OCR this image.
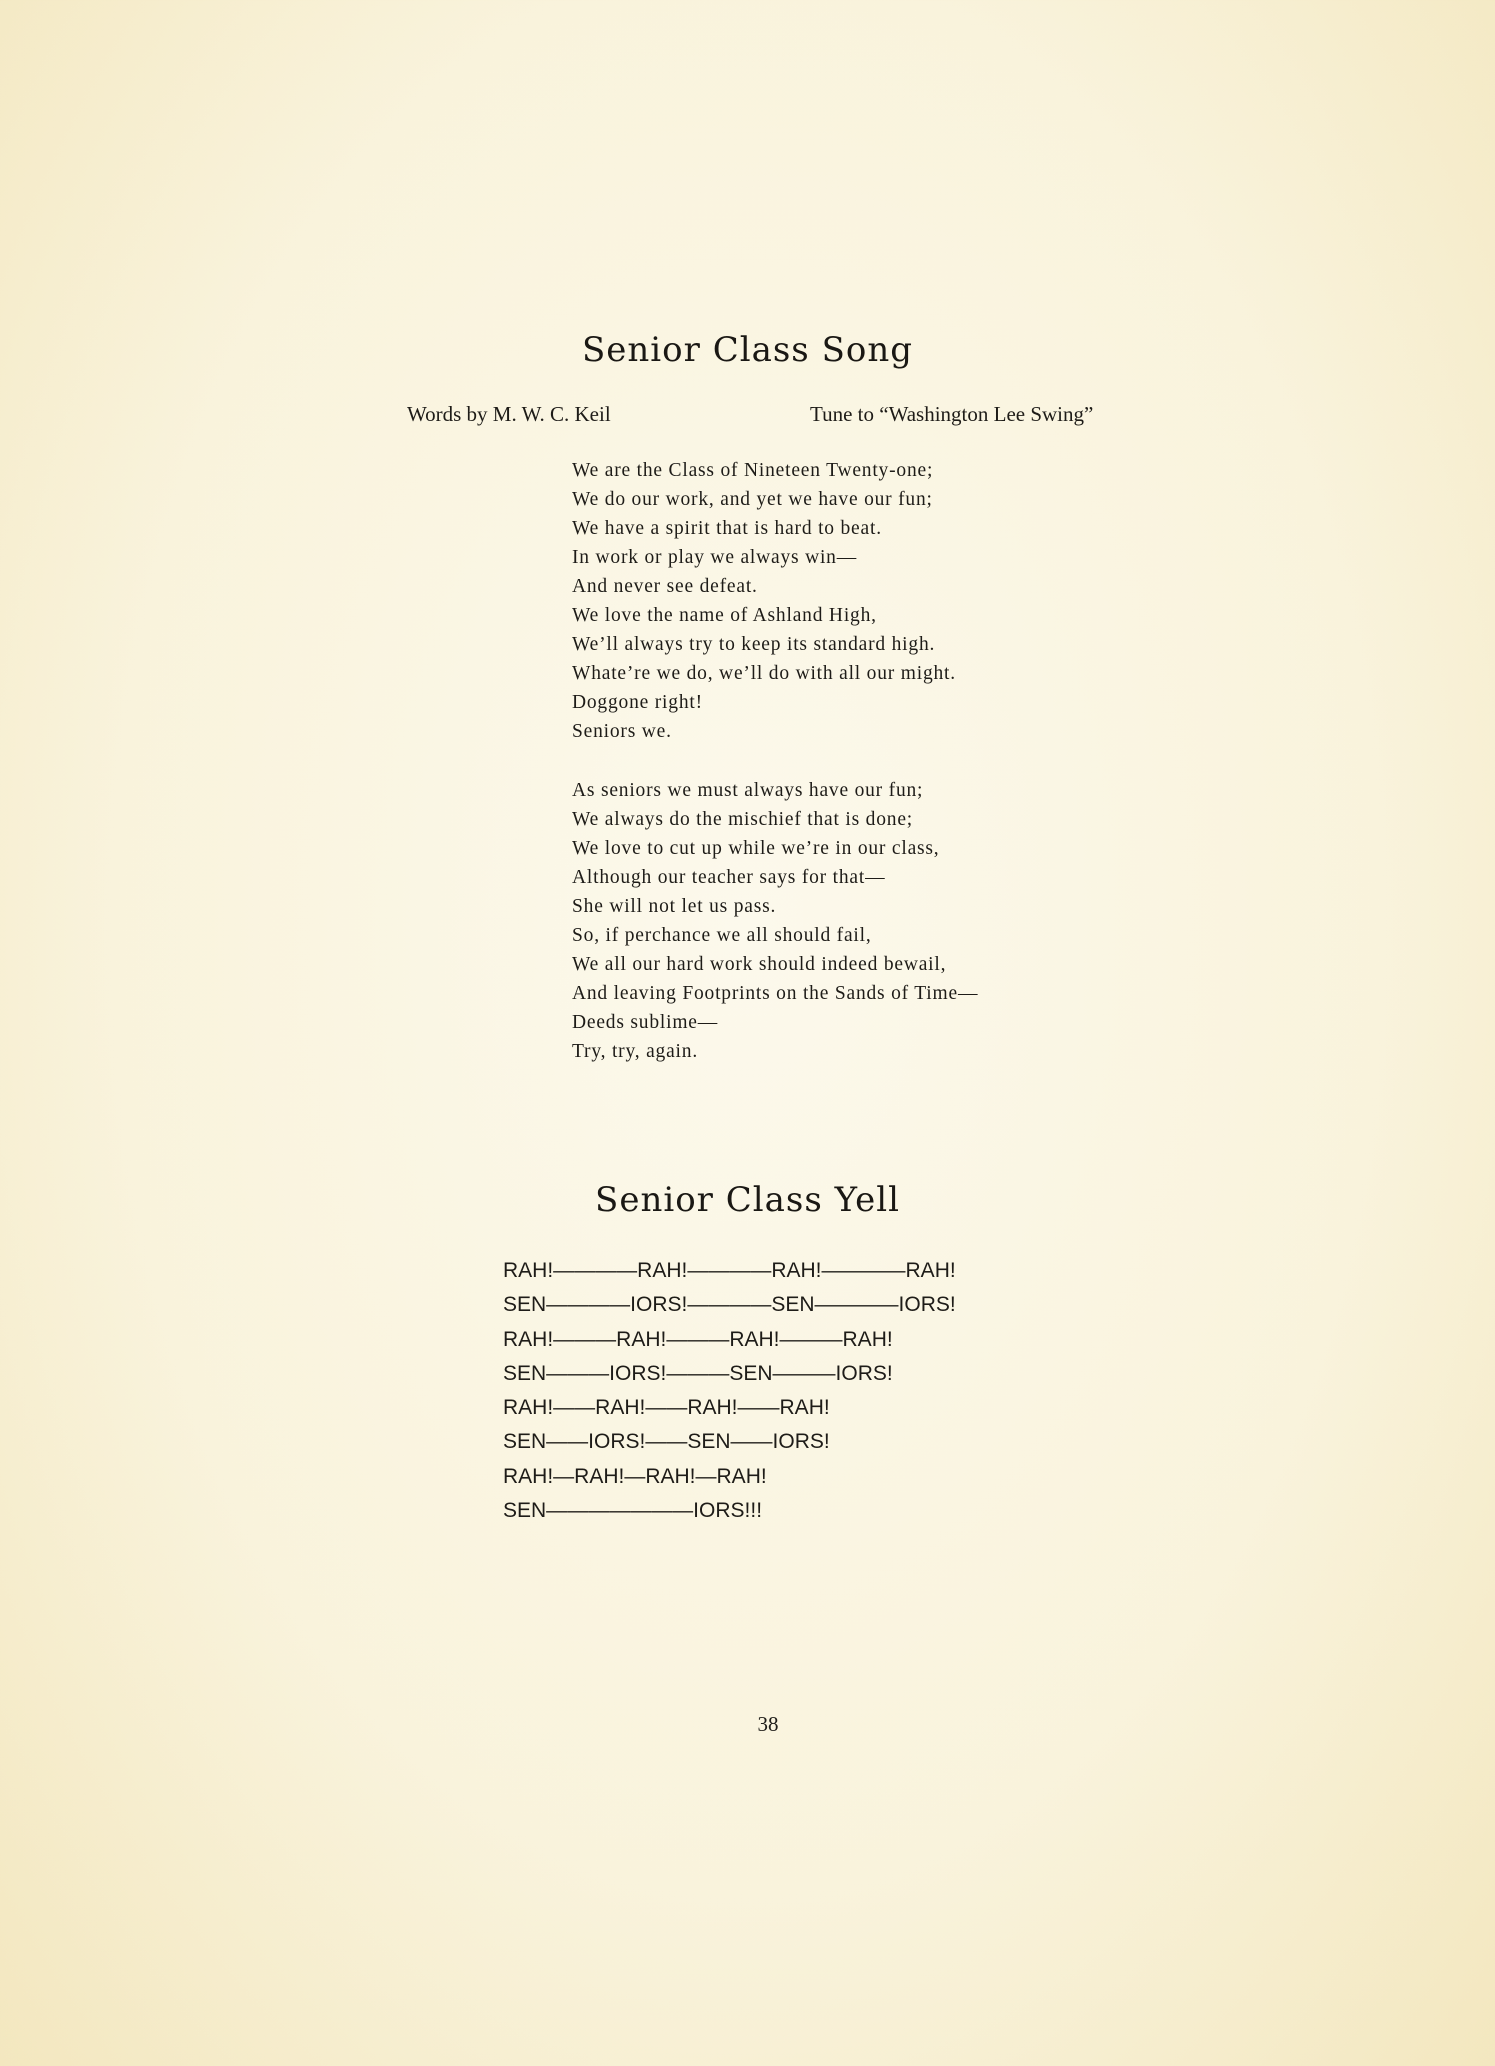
Senior Class Song
Words by M. W. C. Keil	Tune to “Washington Lee Swing”
We are the Class of Nineteen Twenty-one;
We do our work, and yet we have our fun;
We have a spirit that is hard to beat.
In work or play we always win—
And never see defeat.
We love the name of Ashland High,
We’ll always try to keep its standard high.
Whate’re we do, we’ll do with all our might.
Doggone right!
Seniors we.
As seniors we must always have our fun;
We always do the mischief that is done;
We love to cut up while we’re in our class,
Although our teacher says for that—
She will not let us pass.
So, if perchance we all should fail,
We all our hard work should indeed bewail,
And leaving Footprints on the Sands of Time—
Deeds sublime—
Try, try, again.
Senior Class Yell
RAH!————RAH!————RAH!————RAH!
SEN————IORS!————SEN————IORS!
RAH!———RAH!———RAH!———RAH!
SEN———IORS!———SEN———IORS!
RAH!——RAH!——RAH!——RAH!
SEN——IORS!——SEN——IORS!
RAH!—RAH!—RAH!—RAH!
SEN———————IORS!!!
38
